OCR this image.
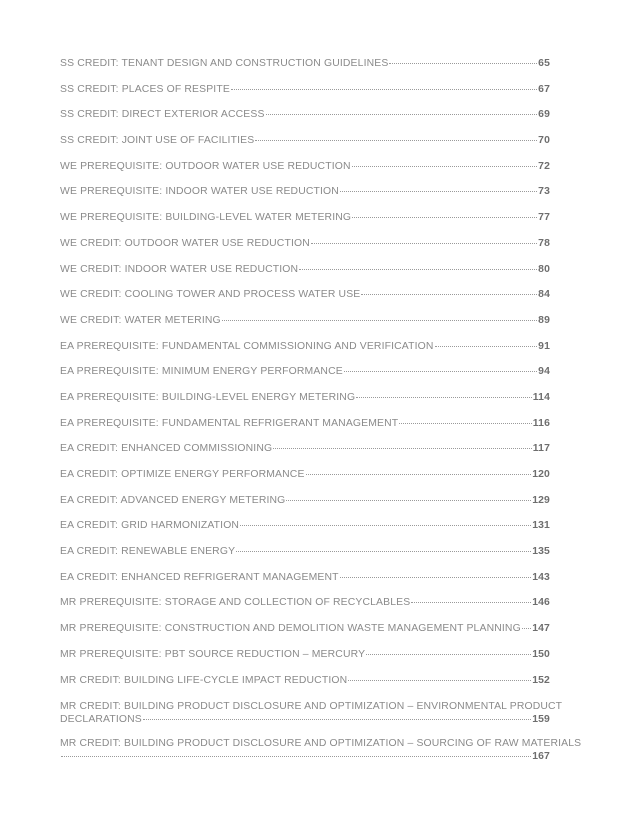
SS CREDIT: TENANT DESIGN AND CONSTRUCTION GUIDELINES	65
SS CREDIT: PLACES OF RESPITE	67
SS CREDIT: DIRECT EXTERIOR ACCESS	69
SS CREDIT: JOINT USE OF FACILITIES	70
WE PREREQUISITE: OUTDOOR WATER USE REDUCTION	72
WE PREREQUISITE: INDOOR WATER USE REDUCTION	73
WE PREREQUISITE: BUILDING-LEVEL WATER METERING	77
WE CREDIT: OUTDOOR WATER USE REDUCTION	78
WE CREDIT: INDOOR WATER USE REDUCTION	80
WE CREDIT: COOLING TOWER AND PROCESS WATER USE	84
WE CREDIT: WATER METERING	89
EA PREREQUISITE: FUNDAMENTAL COMMISSIONING AND VERIFICATION	91
EA PREREQUISITE: MINIMUM ENERGY PERFORMANCE	94
EA PREREQUISITE: BUILDING-LEVEL ENERGY METERING	114
EA PREREQUISITE: FUNDAMENTAL REFRIGERANT MANAGEMENT	116
EA CREDIT: ENHANCED COMMISSIONING	117
EA CREDIT: OPTIMIZE ENERGY PERFORMANCE	120
EA CREDIT: ADVANCED ENERGY METERING	129
EA CREDIT: GRID HARMONIZATION	131
EA CREDIT: RENEWABLE ENERGY	135
EA CREDIT: ENHANCED REFRIGERANT MANAGEMENT	143
MR PREREQUISITE: STORAGE AND COLLECTION OF RECYCLABLES	146
MR PREREQUISITE: CONSTRUCTION AND DEMOLITION WASTE MANAGEMENT PLANNING 147
MR PREREQUISITE: PBT SOURCE REDUCTION – MERCURY	150
MR CREDIT: BUILDING LIFE-CYCLE IMPACT REDUCTION	152
MR CREDIT: BUILDING PRODUCT DISCLOSURE AND OPTIMIZATION – ENVIRONMENTAL PRODUCT
DECLARATIONS	159
MR CREDIT: BUILDING PRODUCT DISCLOSURE AND OPTIMIZATION – SOURCING OF RAW MATERIALS
167
